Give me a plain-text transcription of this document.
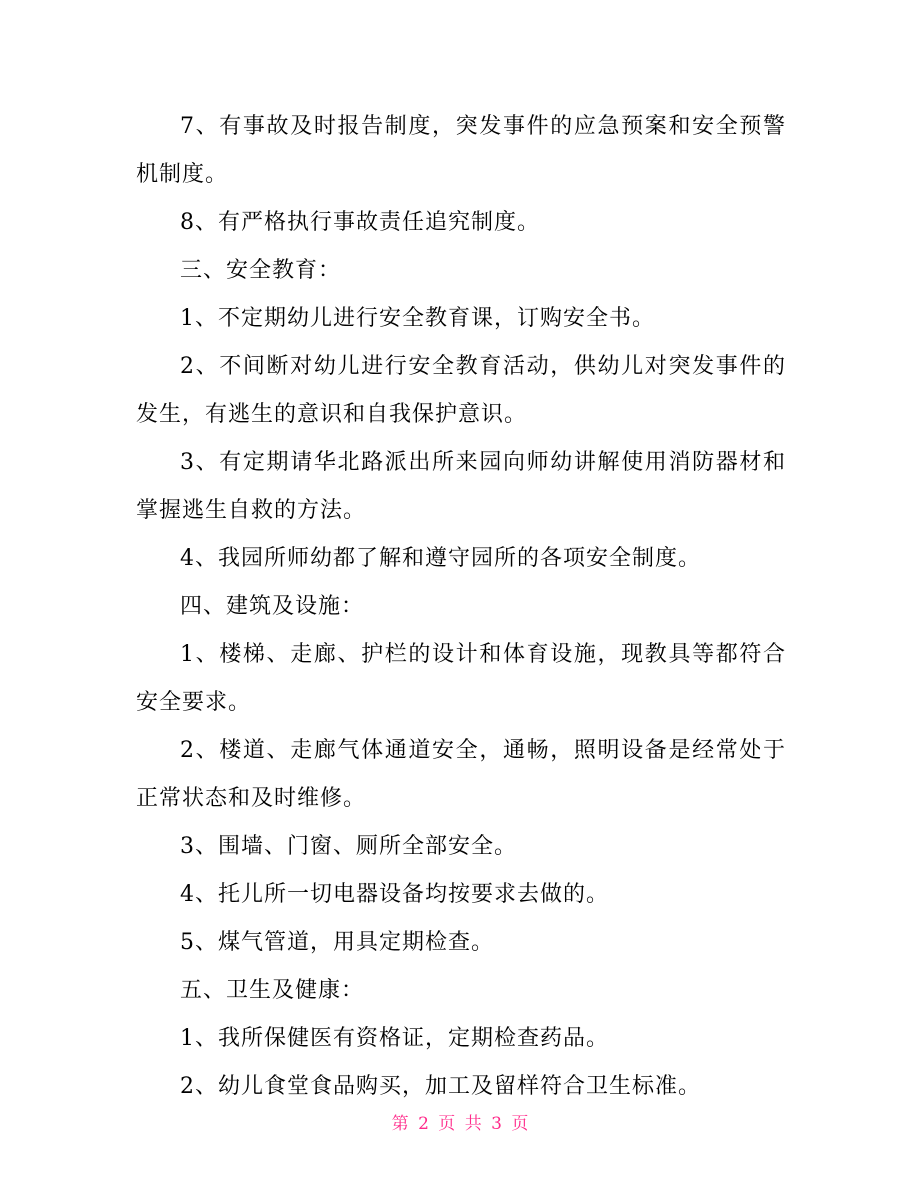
7、有事故及时报告制度，突发事件的应急预案和安全预警机制度。

8、有严格执行事故责任追究制度。

三、安全教育：

1、不定期幼儿进行安全教育课，订购安全书。

2、不间断对幼儿进行安全教育活动，供幼儿对突发事件的发生，有逃生的意识和自我保护意识。

3、有定期请华北路派出所来园向师幼讲解使用消防器材和掌握逃生自救的方法。

4、我园所师幼都了解和遵守园所的各项安全制度。

四、建筑及设施：

1、楼梯、走廊、护栏的设计和体育设施，现教具等都符合安全要求。

2、楼道、走廊气体通道安全，通畅，照明设备是经常处于正常状态和及时维修。

3、围墙、门窗、厕所全部安全。

4、托儿所一切电器设备均按要求去做的。

5、煤气管道，用具定期检查。

五、卫生及健康：

1、我所保健医有资格证，定期检查药品。

2、幼儿食堂食品购买，加工及留样符合卫生标准。

第 2 页 共 3 页
